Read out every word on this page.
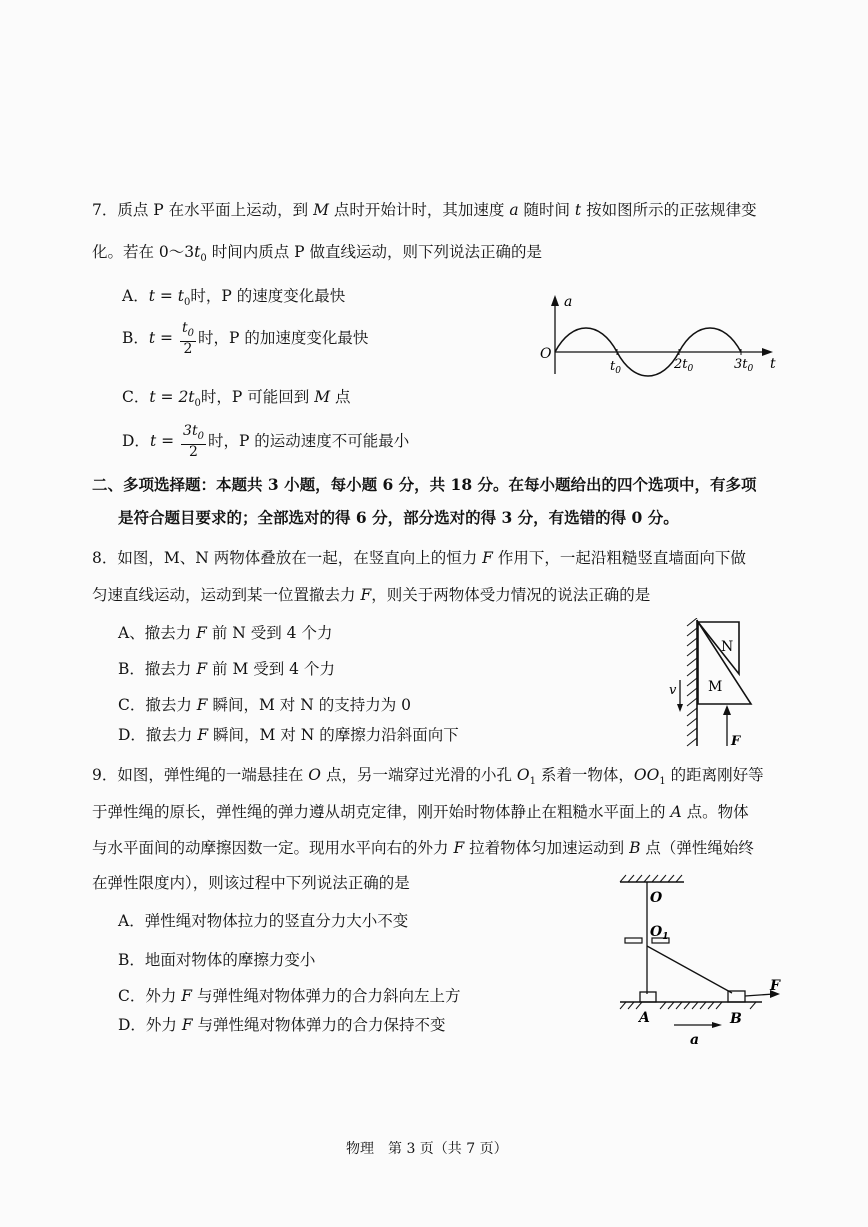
7．质点 P 在水平面上运动，到 M 点时开始计时，其加速度 a 随时间 t 按如图所示的正弦规律变
化。若在 $0\sim 3t_0$ 时间内质点 P 做直线运动，则下列说法正确的是
A．$t = t_0$时，P 的速度变化最快
B．$t = \frac{t_0}{2}$ 时，P 的加速度变化最快
C．$t = 2t_0$时，P 可能回到 M 点
D．$t = \frac{3t_0}{2}$ 时，P 的运动速度不可能最小
a
O
t
$t_0$	$2t_0$	$3t_0$
二、多项选择题：本题共 3 小题，每小题 6 分，共 18 分。在每小题给出的四个选项中，有多项
是符合题目要求的；全部选对的得 6 分，部分选对的得 3 分，有选错的得 0 分。
8．如图，M、N 两物体叠放在一起，在竖直向上的恒力 F 作用下，一起沿粗糙竖直墙面向下做
匀速直线运动，运动到某一位置撤去力 F，则关于两物体受力情况的说法正确的是
A、撤去力 F 前 N 受到 4 个力
B．撤去力 F 前 M 受到 4 个力
C．撤去力 F 瞬间，M 对 N 的支持力为 0
D．撤去力 F 瞬间，M 对 N 的摩擦力沿斜面向下
N
M
v
F
9．如图，弹性绳的一端悬挂在 O 点，另一端穿过光滑的小孔 $O_1$ 系着一物体，$OO_1$ 的距离刚好等
于弹性绳的原长，弹性绳的弹力遵从胡克定律，刚开始时物体静止在粗糙水平面上的 A 点。物体
与水平面间的动摩擦因数一定。现用水平向右的外力 F 拉着物体匀加速运动到 B 点（弹性绳始终
在弹性限度内），则该过程中下列说法正确的是
A．弹性绳对物体拉力的竖直分力大小不变
B．地面对物体的摩擦力变小
C．外力 F 与弹性绳对物体弹力的合力斜向左上方
D．外力 F 与弹性绳对物体弹力的合力保持不变
O
$O_1$
F
A	B
a
物理　第 3 页（共 7 页）
